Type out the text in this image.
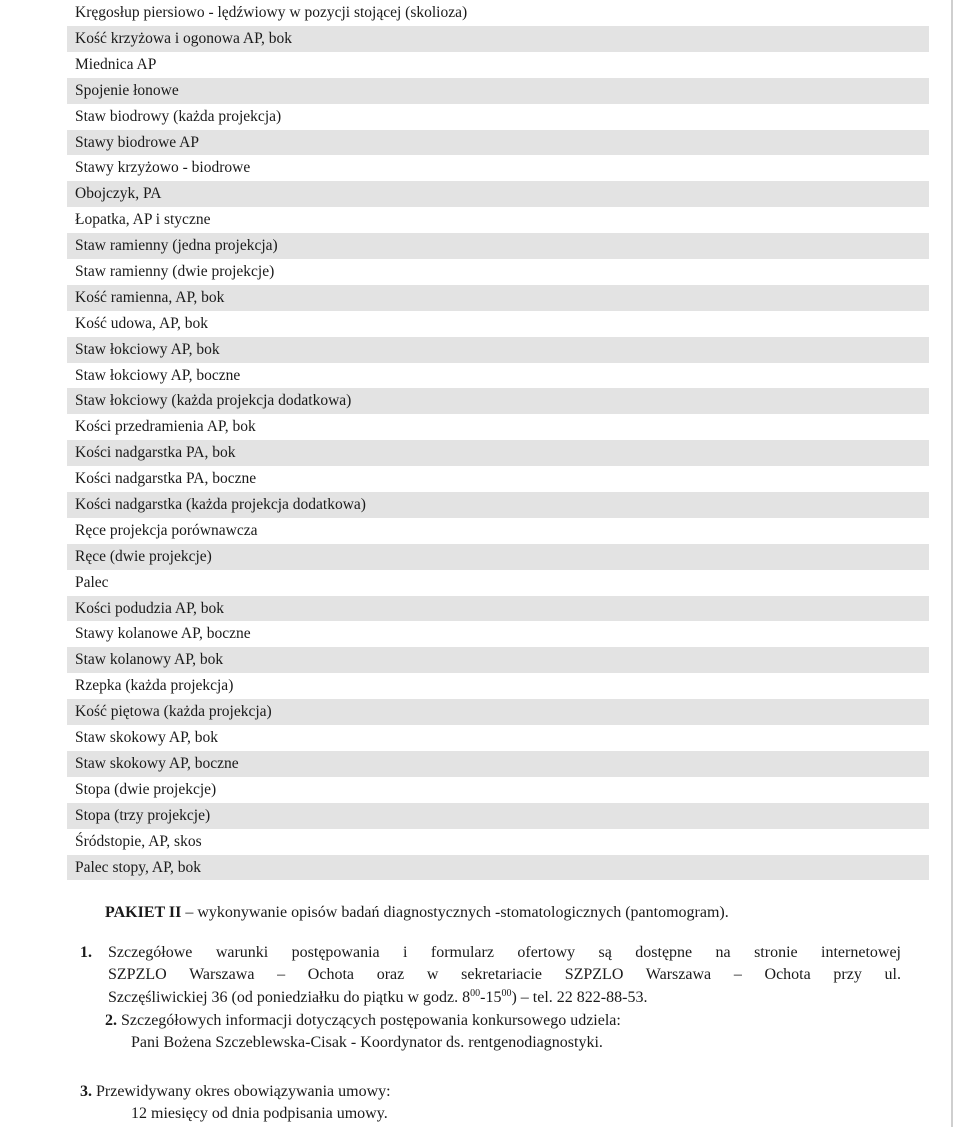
Kręgosłup piersiowo - lędźwiowy w pozycji stojącej (skolioza)
Kość krzyżowa i ogonowa AP, bok
Miednica AP
Spojenie łonowe
Staw biodrowy (każda projekcja)
Stawy biodrowe AP
Stawy krzyżowo - biodrowe
Obojczyk, PA
Łopatka, AP i styczne
Staw ramienny (jedna projekcja)
Staw ramienny (dwie projekcje)
Kość ramienna, AP, bok
Kość udowa, AP, bok
Staw łokciowy AP, bok
Staw łokciowy AP, boczne
Staw łokciowy (każda projekcja dodatkowa)
Kości przedramienia AP, bok
Kości nadgarstka PA, bok
Kości nadgarstka PA, boczne
Kości nadgarstka (każda projekcja dodatkowa)
Ręce projekcja porównawcza
Ręce (dwie projekcje)
Palec
Kości podudzia AP, bok
Stawy kolanowe AP, boczne
Staw kolanowy AP, bok
Rzepka (każda projekcja)
Kość piętowa (każda projekcja)
Staw skokowy AP, bok
Staw skokowy AP, boczne
Stopa (dwie projekcje)
Stopa (trzy projekcje)
Śródstopie, AP, skos
Palec stopy, AP, bok
PAKIET II – wykonywanie opisów badań diagnostycznych -stomatologicznych (pantomogram).
1. Szczegółowe warunki postępowania i formularz ofertowy są dostępne na stronie internetowej
SZPZLO Warszawa – Ochota oraz w sekretariacie SZPZLO Warszawa – Ochota przy ul.
Szczęśliwickiej 36 (od poniedziałku do piątku w godz. $8^{00}-15^{00}$) – tel. 22 822-88-53.
2. Szczegółowych informacji dotyczących postępowania konkursowego udziela:
Pani Bożena Szczeblewska-Cisak - Koordynator ds. rentgenodiagnostyki.
3. Przewidywany okres obowiązywania umowy:
12 miesięcy od dnia podpisania umowy.
